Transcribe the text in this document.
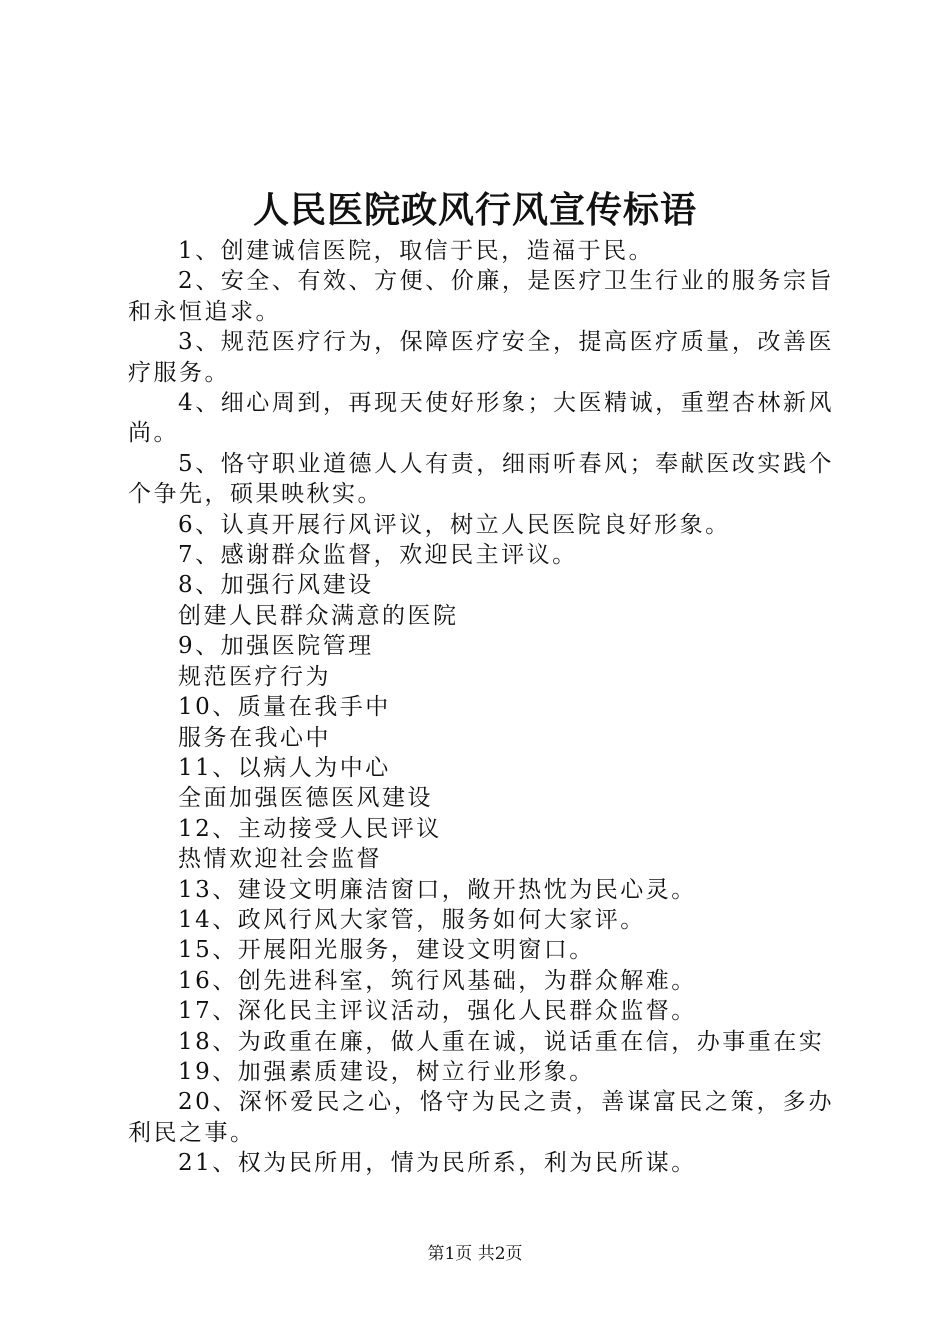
人民医院政风行风宣传标语

1、创建诚信医院，取信于民，造福于民。

2、安全、有效、方便、价廉，是医疗卫生行业的服务宗旨和永恒追求。

3、规范医疗行为，保障医疗安全，提高医疗质量，改善医疗服务。

4、细心周到，再现天使好形象；大医精诚，重塑杏林新风尚。

5、恪守职业道德人人有责，细雨听春风；奉献医改实践个个争先，硕果映秋实。

6、认真开展行风评议，树立人民医院良好形象。

7、感谢群众监督，欢迎民主评议。

8、加强行风建设

创建人民群众满意的医院

9、加强医院管理

规范医疗行为

10、质量在我手中

服务在我心中

11、以病人为中心

全面加强医德医风建设

12、主动接受人民评议

热情欢迎社会监督

13、建设文明廉洁窗口，敞开热忱为民心灵。

14、政风行风大家管，服务如何大家评。

15、开展阳光服务，建设文明窗口。

16、创先进科室，筑行风基础，为群众解难。

17、深化民主评议活动，强化人民群众监督。

18、为政重在廉，做人重在诚，说话重在信，办事重在实

19、加强素质建设，树立行业形象。

20、深怀爱民之心，恪守为民之责，善谋富民之策，多办利民之事。

21、权为民所用，情为民所系，利为民所谋。

第1页 共2页
